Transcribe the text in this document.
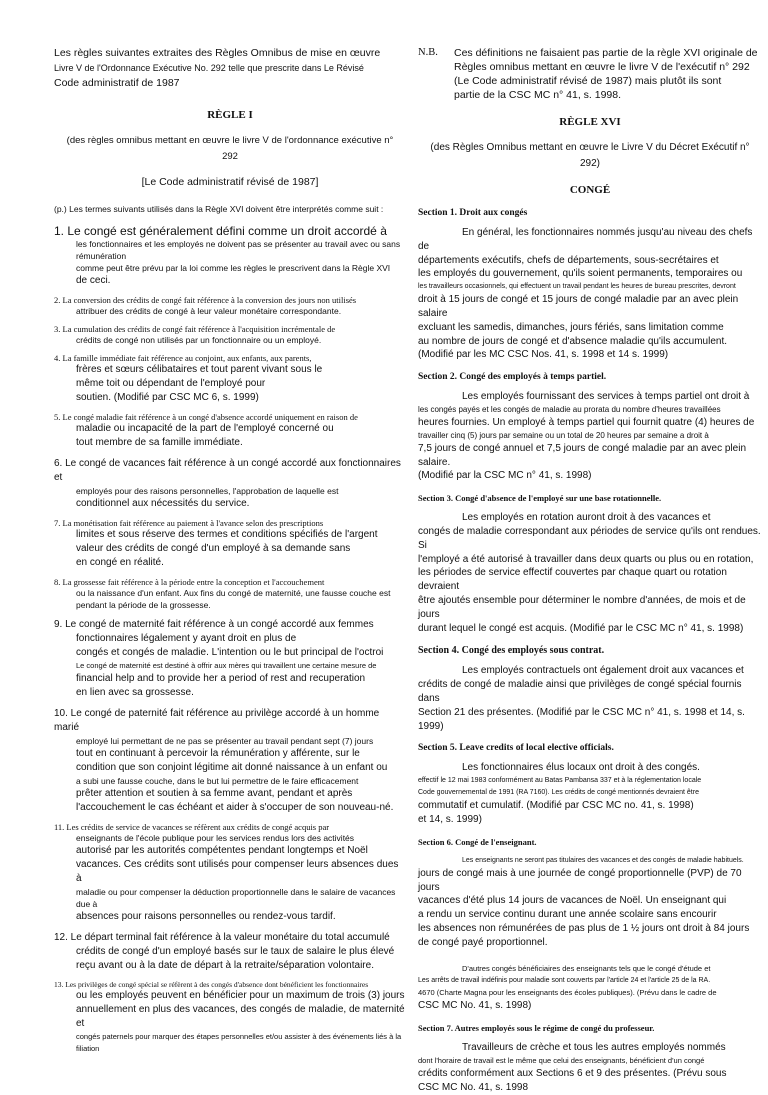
Les règles suivantes extraites des Règles Omnibus de mise en œuvre

Livre V de l'Ordonnance Exécutive No. 292 telle que prescrite dans Le Révisé

Code administratif de 1987

RÈGLE I

(des règles omnibus mettant en œuvre le livre V de l'ordonnance exécutive n°

292

[Le Code administratif révisé de 1987]
(p.) Les termes suivants utilisés dans la Règle XVI doivent être interprétés comme suit :

1. Le congé est généralement défini comme un droit accordé à

les fonctionnaires et les employés ne doivent pas se présenter au travail avec ou sans rémunération

comme peut être prévu par la loi comme les règles le prescrivent dans la Règle XVI

de ceci.

2. La conversion des crédits de congé fait référence à la conversion des jours non utilisés

attribuer des crédits de congé à leur valeur monétaire correspondante.

3. La cumulation des crédits de congé fait référence à l'acquisition incrémentale de

crédits de congé non utilisés par un fonctionnaire ou un employé.

4. La famille immédiate fait référence au conjoint, aux enfants, aux parents,

frères et sœurs célibataires et tout parent vivant sous le

même toit ou dépendant de l'employé pour

soutien. (Modifié par CSC MC 6, s. 1999)

5. Le congé maladie fait référence à un congé d'absence accordé uniquement en raison de

maladie ou incapacité de la part de l'employé concerné ou

tout membre de sa famille immédiate.

6. Le congé de vacances fait référence à un congé accordé aux fonctionnaires et

employés pour des raisons personnelles, l'approbation de laquelle est

conditionnel aux nécessités du service.

7. La monétisation fait référence au paiement à l'avance selon des prescriptions

limites et sous réserve des termes et conditions spécifiés de l'argent

valeur des crédits de congé d'un employé à sa demande sans

en congé en réalité.

8. La grossesse fait référence à la période entre la conception et l'accouchement

ou la naissance d'un enfant. Aux fins du congé de maternité, une fausse couche est

pendant la période de la grossesse.

9. Le congé de maternité fait référence à un congé accordé aux femmes

fonctionnaires légalement y ayant droit en plus de

congés et congés de maladie. L'intention ou le but principal de l'octroi

Le congé de maternité est destiné à offrir aux mères qui travaillent une certaine mesure de

financial help and to provide her a period of rest and recuperation

en lien avec sa grossesse.

10. Le congé de paternité fait référence au privilège accordé à un homme marié

employé lui permettant de ne pas se présenter au travail pendant sept (7) jours

tout en continuant à percevoir la rémunération y afférente, sur le

condition que son conjoint légitime ait donné naissance à un enfant ou

a subi une fausse couche, dans le but lui permettre de le faire efficacement

prêter attention et soutien à sa femme avant, pendant et après

l'accouchement le cas échéant et aider à s'occuper de son nouveau-né.

11. Les crédits de service de vacances se réfèrent aux crédits de congé acquis par

enseignants de l'école publique pour les services rendus lors des activités

autorisé par les autorités compétentes pendant longtemps et Noël

vacances. Ces crédits sont utilisés pour compenser leurs absences dues à

maladie ou pour compenser la déduction proportionnelle dans le salaire de vacances due à

absences pour raisons personnelles ou rendez-vous tardif.

12. Le départ terminal fait référence à la valeur monétaire du total accumulé

crédits de congé d'un employé basés sur le taux de salaire le plus élevé

reçu avant ou à la date de départ à la retraite/séparation volontaire.

13. Les privilèges de congé spécial se réfèrent à des congés d'absence dont bénéficient les fonctionnaires

ou les employés peuvent en bénéficier pour un maximum de trois (3) jours

annuellement en plus des vacances, des congés de maladie, de maternité et

congés paternels pour marquer des étapes personnelles et/ou assister à des événements liés à la filiation

N.B.	Ces définitions ne faisaient pas partie de la règle XVI originale de

Règles omnibus mettant en œuvre le livre V de l'exécutif n° 292

(Le Code administratif révisé de 1987) mais plutôt ils sont

partie de la CSC MC n° 41, s. 1998.

RÈGLE XVI

(des Règles Omnibus mettant en œuvre le Livre V du Décret Exécutif n°

292)

CONGÉ
Section 1. Droit aux congés

En général, les fonctionnaires nommés jusqu'au niveau des chefs de

départements exécutifs, chefs de départements, sous-secrétaires et

les employés du gouvernement, qu'ils soient permanents, temporaires ou

les travailleurs occasionnels, qui effectuent un travail pendant les heures de bureau prescrites, devront

droit à 15 jours de congé et 15 jours de congé maladie par an avec plein salaire

excluant les samedis, dimanches, jours fériés, sans limitation comme

au nombre de jours de congé et d'absence maladie qu'ils accumulent.

(Modifié par les MC CSC Nos. 41, s. 1998 et 14 s. 1999)

Section 2. Congé des employés à temps partiel.

Les employés fournissant des services à temps partiel ont droit à

les congés payés et les congés de maladie au prorata du nombre d'heures travaillées

heures fournies. Un employé à temps partiel qui fournit quatre (4) heures de

travailler cinq (5) jours par semaine ou un total de 20 heures par semaine a droit à

7,5 jours de congé annuel et 7,5 jours de congé maladie par an avec plein salaire.

(Modifié par la CSC MC n° 41, s. 1998)

Section 3. Congé d'absence de l'employé sur une base rotationnelle.

Les employés en rotation auront droit à des vacances et

congés de maladie correspondant aux périodes de service qu'ils ont rendues. Si

l'employé a été autorisé à travailler dans deux quarts ou plus ou en rotation,

les périodes de service effectif couvertes par chaque quart ou rotation devraient

être ajoutés ensemble pour déterminer le nombre d'années, de mois et de jours

durant lequel le congé est acquis. (Modifié par le CSC MC n° 41, s. 1998)

Section 4. Congé des employés sous contrat.

Les employés contractuels ont également droit aux vacances et

crédits de congé de maladie ainsi que privilèges de congé spécial fournis dans

Section 21 des présentes. (Modifié par le CSC MC n° 41, s. 1998 et 14, s.

1999)

Section 5. Leave credits of local elective officials.

Les fonctionnaires élus locaux ont droit à des congés.

effectif le 12 mai 1983 conformément au Batas Pambansa 337 et à la réglementation locale

Code gouvernemental de 1991 (RA 7160). Les crédits de congé mentionnés devraient être

commutatif et cumulatif. (Modifié par CSC MC no. 41, s. 1998)

et 14, s. 1999)

Section 6. Congé de l'enseignant.

Les enseignants ne seront pas titulaires des vacances et des congés de maladie habituels.

jours de congé mais à une journée de congé proportionnelle (PVP) de 70 jours

vacances d'été plus 14 jours de vacances de Noël. Un enseignant qui

a rendu un service continu durant une année scolaire sans encourir

les absences non rémunérées de pas plus de 1 ½ jours ont droit à 84 jours

de congé payé proportionnel.

D'autres congés bénéficiaires des enseignants tels que le congé d'étude et

Les arrêts de travail indéfinis pour maladie sont couverts par l'article 24 et l'article 25 de la RA.

4670 (Charte Magna pour les enseignants des écoles publiques). (Prévu dans le cadre de

CSC MC No. 41, s. 1998)

Section 7. Autres employés sous le régime de congé du professeur.

Travailleurs de crèche et tous les autres employés nommés

dont l'horaire de travail est le même que celui des enseignants, bénéficient d'un congé

crédits conformément aux Sections 6 et 9 des présentes. (Prévu sous

CSC MC No. 41, s. 1998
